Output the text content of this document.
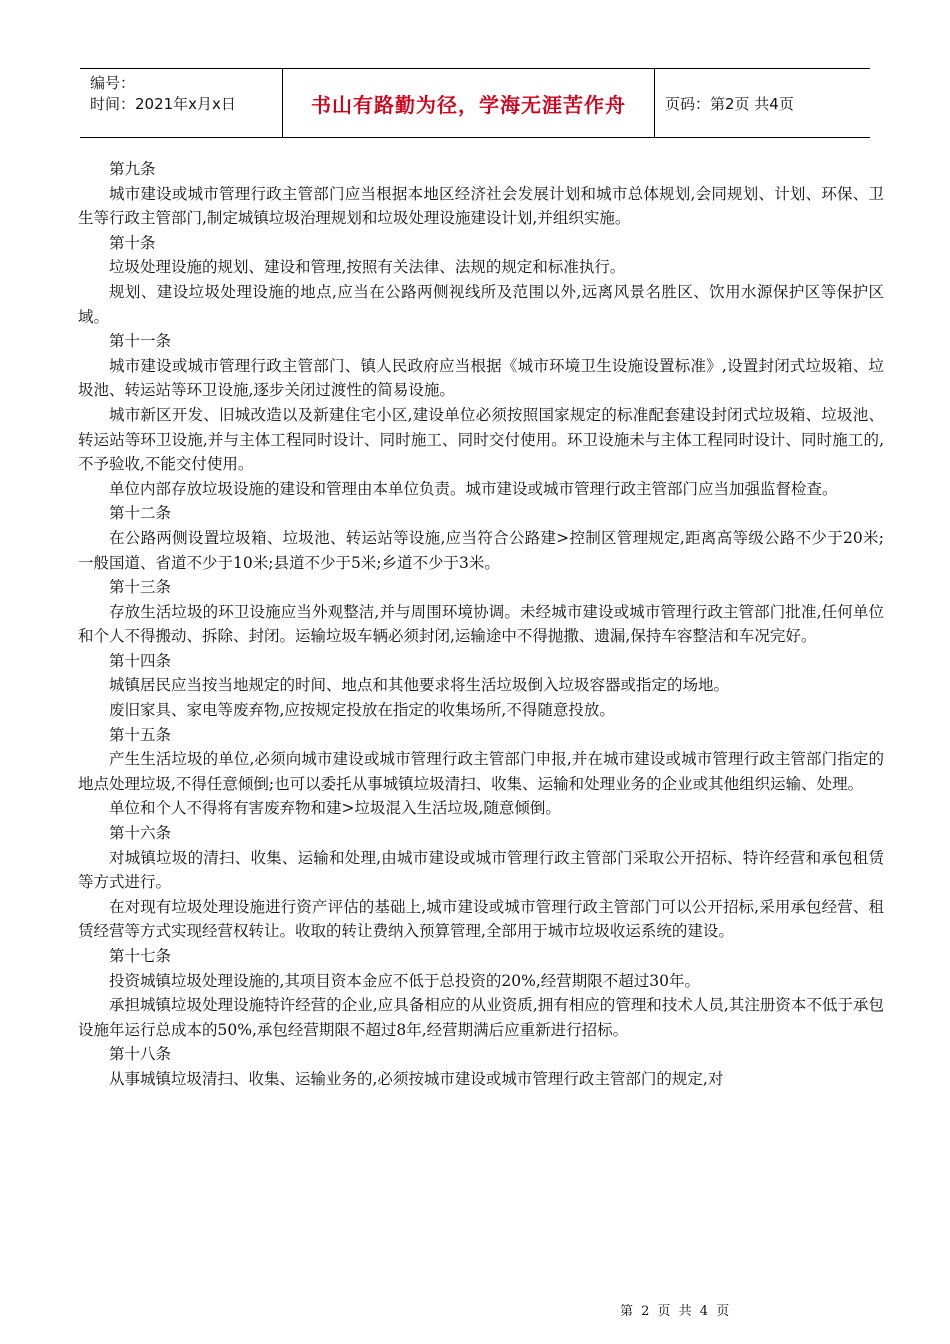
编号：
时间：2021年x月x日	书山有路勤为径，学海无涯苦作舟	页码：第2页 共4页

第九条

城市建设或城市管理行政主管部门应当根据本地区经济社会发展计划和城市总体规划,会同规划、计划、环保、卫生等行政主管部门,制定城镇垃圾治理规划和垃圾处理设施建设计划,并组织实施。

第十条

垃圾处理设施的规划、建设和管理,按照有关法律、法规的规定和标准执行。

规划、建设垃圾处理设施的地点,应当在公路两侧视线所及范围以外,远离风景名胜区、饮用水源保护区等保护区域。

第十一条

城市建设或城市管理行政主管部门、镇人民政府应当根据《城市环境卫生设施设置标准》,设置封闭式垃圾箱、垃圾池、转运站等环卫设施,逐步关闭过渡性的简易设施。

城市新区开发、旧城改造以及新建住宅小区,建设单位必须按照国家规定的标准配套建设封闭式垃圾箱、垃圾池、转运站等环卫设施,并与主体工程同时设计、同时施工、同时交付使用。环卫设施未与主体工程同时设计、同时施工的,不予验收,不能交付使用。

单位内部存放垃圾设施的建设和管理由本单位负责。城市建设或城市管理行政主管部门应当加强监督检查。

第十二条

在公路两侧设置垃圾箱、垃圾池、转运站等设施,应当符合公路建>控制区管理规定,距离高等级公路不少于20米;一般国道、省道不少于10米;县道不少于5米;乡道不少于3米。

第十三条

存放生活垃圾的环卫设施应当外观整洁,并与周围环境协调。未经城市建设或城市管理行政主管部门批准,任何单位和个人不得搬动、拆除、封闭。运输垃圾车辆必须封闭,运输途中不得抛撒、遗漏,保持车容整洁和车况完好。

第十四条

城镇居民应当按当地规定的时间、地点和其他要求将生活垃圾倒入垃圾容器或指定的场地。

废旧家具、家电等废弃物,应按规定投放在指定的收集场所,不得随意投放。

第十五条

产生生活垃圾的单位,必须向城市建设或城市管理行政主管部门申报,并在城市建设或城市管理行政主管部门指定的地点处理垃圾,不得任意倾倒;也可以委托从事城镇垃圾清扫、收集、运输和处理业务的企业或其他组织运输、处理。

单位和个人不得将有害废弃物和建>垃圾混入生活垃圾,随意倾倒。

第十六条

对城镇垃圾的清扫、收集、运输和处理,由城市建设或城市管理行政主管部门采取公开招标、特许经营和承包租赁等方式进行。

在对现有垃圾处理设施进行资产评估的基础上,城市建设或城市管理行政主管部门可以公开招标,采用承包经营、租赁经营等方式实现经营权转让。收取的转让费纳入预算管理,全部用于城市垃圾收运系统的建设。

第十七条

投资城镇垃圾处理设施的,其项目资本金应不低于总投资的20%,经营期限不超过30年。

承担城镇垃圾处理设施特许经营的企业,应具备相应的从业资质,拥有相应的管理和技术人员,其注册资本不低于承包设施年运行总成本的50%,承包经营期限不超过8年,经营期满后应重新进行招标。

第十八条

从事城镇垃圾清扫、收集、运输业务的,必须按城市建设或城市管理行政主管部门的规定,对

第 2 页 共 4 页
